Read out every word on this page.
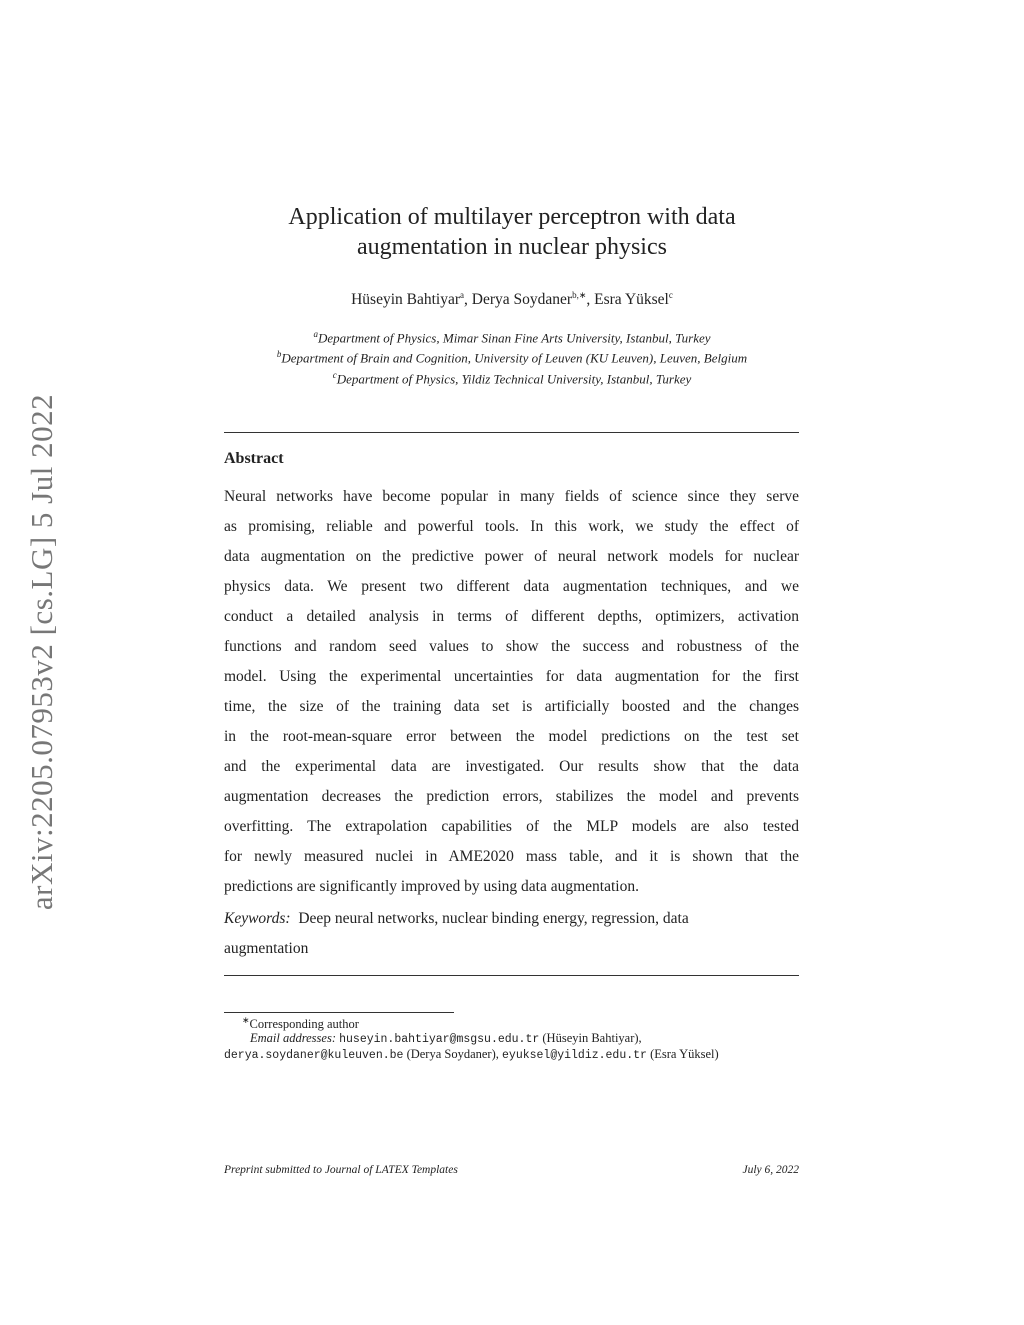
arXiv:2205.07953v2 [cs.LG] 5 Jul 2022
Application of multilayer perceptron with data
augmentation in nuclear physics
Hüseyin Bahtiyar$^a$, Derya Soydaner$^{b,∗}$, Esra Yüksel$^c$
$^a$Department of Physics, Mimar Sinan Fine Arts University, Istanbul, Turkey
$^b$Department of Brain and Cognition, University of Leuven (KU Leuven), Leuven, Belgium
$^c$Department of Physics, Yildiz Technical University, Istanbul, Turkey
Abstract
Neural networks have become popular in many fields of science since they serve
as promising, reliable and powerful tools. In this work, we study the effect of
data augmentation on the predictive power of neural network models for nuclear
physics data. We present two different data augmentation techniques, and we
conduct a detailed analysis in terms of different depths, optimizers, activation
functions and random seed values to show the success and robustness of the
model. Using the experimental uncertainties for data augmentation for the first
time, the size of the training data set is artificially boosted and the changes
in the root-mean-square error between the model predictions on the test set
and the experimental data are investigated. Our results show that the data
augmentation decreases the prediction errors, stabilizes the model and prevents
overfitting. The extrapolation capabilities of the MLP models are also tested
for newly measured nuclei in AME2020 mass table, and it is shown that the
predictions are significantly improved by using data augmentation.
Keywords: Deep neural networks, nuclear binding energy, regression, data
augmentation
∗Corresponding author
Email addresses: huseyin.bahtiyar@msgsu.edu.tr (Hüseyin Bahtiyar),
derya.soydaner@kuleuven.be (Derya Soydaner), eyuksel@yildiz.edu.tr (Esra Yüksel)
Preprint submitted to Journal of LATEX Templates	July 6, 2022
